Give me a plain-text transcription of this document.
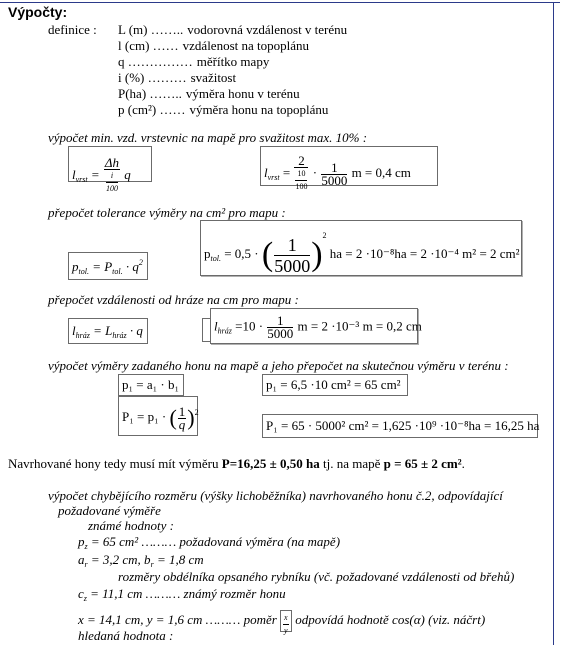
Výpočty:
definice : L (m) …….. vodorovná vzdálenost v terénu
l (cm) …… vzdálenost na topoplánu
q …………… měřítko mapy
i (%) ……… svažitost
P(ha) …….. výměra honu v terénu
p (cm²) …… výměra honu na topoplánu
výpočet min. vzd. vrstevnic na mapě pro svažitost max. 10% :
$l_{vrst} = \frac{\Delta h}{\frac{i}{100}}$ q	$l_{vrst} = \frac{2}{\frac{10}{100}} \cdot \frac{1}{5000}$ m = 0,4 cm
přepočet tolerance výměry na cm² pro mapu :
$p_{tol.} = P_{tol.} \cdot q^2$
$p_{tol.} = 0,5$ · ( $\frac{1}{5000} )^2$ ha = 2 ·10⁻⁸ha = 2 ·10⁻⁴ m² = 2 cm²
přepočet vzdálenosti od hráze na cm pro mapu :
$l_{hráz} = L_{hráz} \cdot q$	$l_{hráz} =10 \cdot \frac{1}{5000}$ m = 2 ·10⁻³ m = 0,2 cm
výpočet výměry zadaného honu na mapě a jeho přepočet na skutečnou výměru v terénu :
p₁ = a₁ · b₁
P₁ = p₁ · ( $\frac{1}{q} )^2$
p₁ = 6,5 ·10 cm² = 65 cm²
P₁ = 65 · 5000² cm² = 1,625 ·10⁹ ·10⁻⁸ha = 16,25 ha
Navrhované hony tedy musí mít výměru P=16,25 ± 0,50 ha tj. na mapě p = 65 ± 2 cm².
výpočet chybějícího rozměru (výšky lichoběžníka) navrhovaného honu č.2, odpovídající
požadované výměře
známé hodnoty :
$p_z = 65$ cm² ……… požadovaná výměra (na mapě)
$a_r = 3,2$ cm, $b_r = 1,8$ cm
rozměry obdélníka opsaného rybníku (vč. požadované vzdálenosti od břehů)
$c_z = 11,1$ cm ……… známý rozměr honu
x = 14,1 cm, y = 1,6 cm ……… poměr $\frac{x}{y}$ odpovídá hodnotě cos(α) (viz. náčrt)
hledaná hodnota :
